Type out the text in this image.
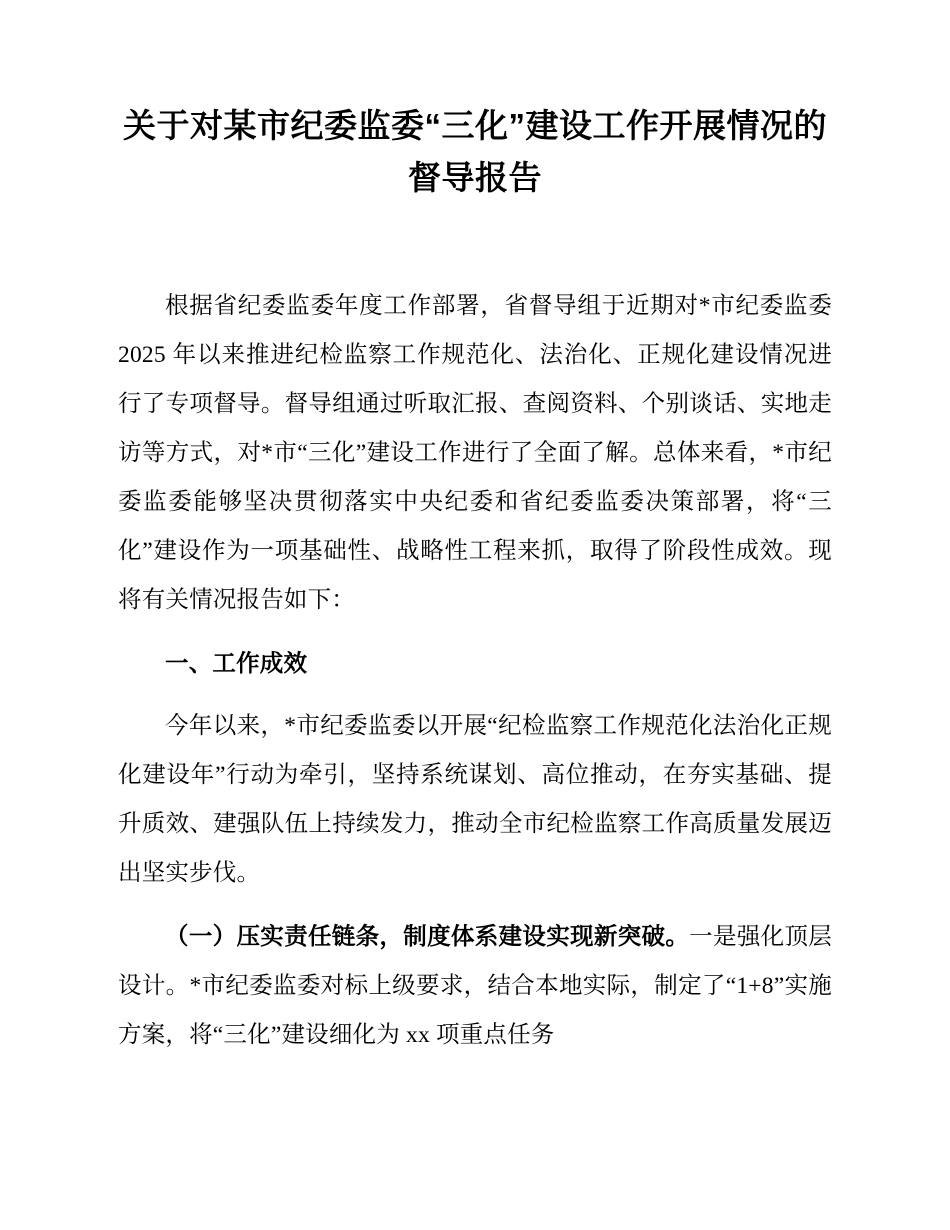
关于对某市纪委监委“三化”建设工作开展情况的督导报告

根据省纪委监委年度工作部署，省督导组于近期对*市纪委监委 2025 年以来推进纪检监察工作规范化、法治化、正规化建设情况进行了专项督导。督导组通过听取汇报、查阅资料、个别谈话、实地走访等方式，对*市“三化”建设工作进行了全面了解。总体来看，*市纪委监委能够坚决贯彻落实中央纪委和省纪委监委决策部署，将“三化”建设作为一项基础性、战略性工程来抓，取得了阶段性成效。现将有关情况报告如下：

一、工作成效

今年以来，*市纪委监委以开展“纪检监察工作规范化法治化正规化建设年”行动为牵引，坚持系统谋划、高位推动，在夯实基础、提升质效、建强队伍上持续发力，推动全市纪检监察工作高质量发展迈出坚实步伐。

（一）压实责任链条，制度体系建设实现新突破。一是强化顶层设计。*市纪委监委对标上级要求，结合本地实际，制定了“1+8”实施方案，将“三化”建设细化为 xx 项重点任务
